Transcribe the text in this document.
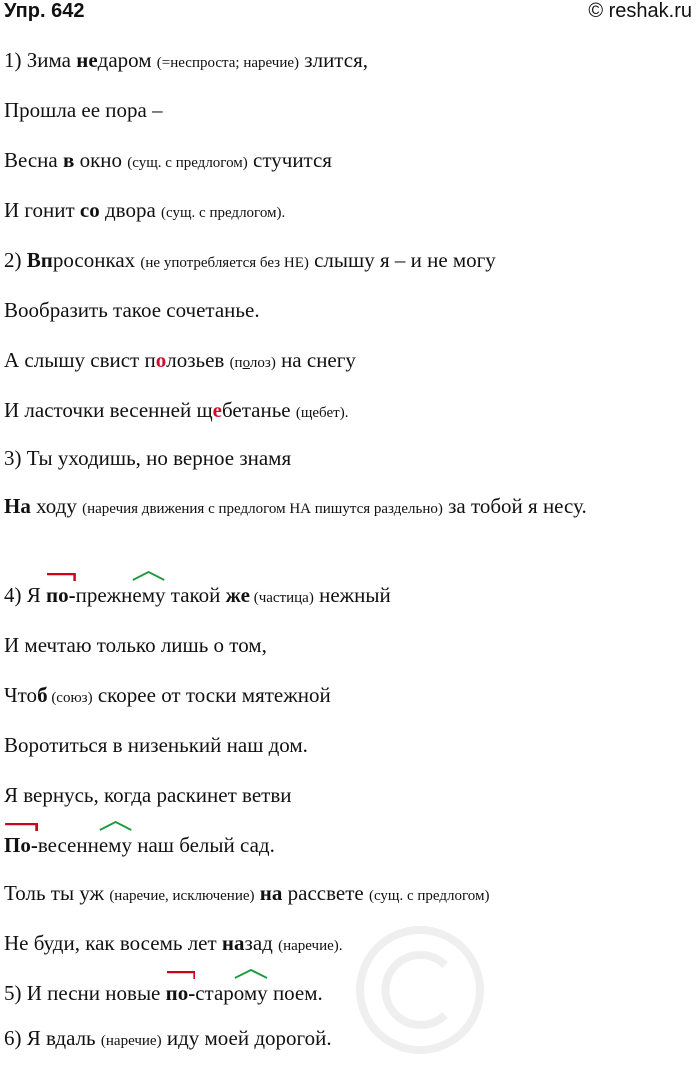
Упр. 642	© reshak.ru
1) Зима недаром (=неспроста; наречие) злится,
Прошла ее пора –
Весна в окно (сущ. с предлогом) стучится
И гонит со двора (сущ. с предлогом).
2) Впросонках (не употребляется без НЕ) слышу я – и не могу
Вообразить такое сочетанье.
А слышу свист полозьев (полоз) на снегу
И ласточки весенней щебетанье (щебет).
3) Ты уходишь, но верное знамя
На ходу (наречия движения с предлогом НА пишутся раздельно) за тобой я несу.
4) Я
по-прежн
ему такой же (частица) нежный
И мечтаю только лишь о том,
Чтоб (союз) скорее от тоски мятежной
Воротиться в низенький наш дом.
Я вернусь, когда раскинет ветви
По-весенн
ему наш белый сад.
Толь ты уж (наречие, исключение) на рассвете (сущ. с предлогом)
Не буди, как восемь лет назад (наречие).
5) И песни новые
по-стар
ому поем.
6) Я вдаль (наречие) иду моей дорогой.
